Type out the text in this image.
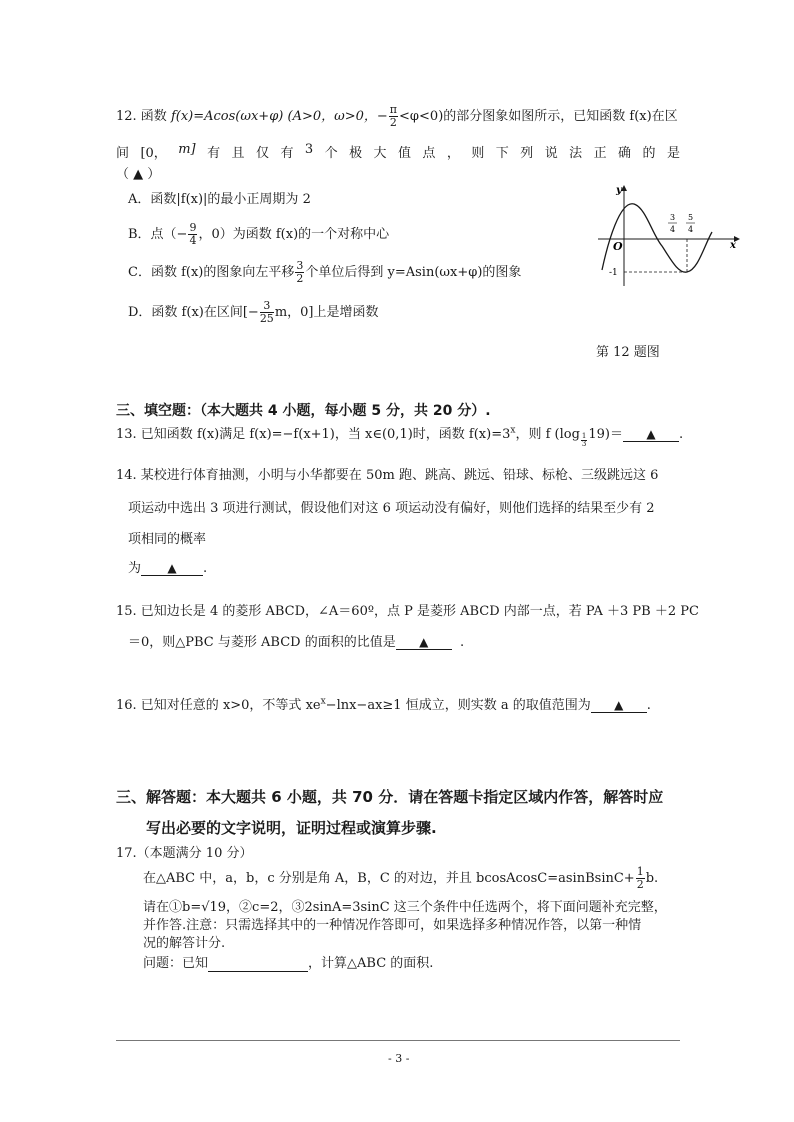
12. 函数 f(x)=Acos(ωx+φ) (A>0，ω>0，− $\frac{\pi}{2} <\varphi<0$)的部分图象如图所示，已知函数 f(x)在区
间 [0， m] 有 且 仅 有 3 个 极 大 值 点 ， 则 下 列 说 法 正 确 的 是
（ ▲ ）
A．函数|f(x)|的最小正周期为 2
B．点（− $\frac{9}{4}$ ，0）为函数 f(x)的一个对称中心
C．函数 f(x)的图象向左平移 $\frac{3}{2}$ 个单位后得到 y=Asin(ωx+φ)的图象
D．函数 f(x)在区间[− $\frac{3}{25}$ m，0]上是增函数
y
x
O
-1
3
4
5
4
第 12 题图
三、填空题：（本大题共 4 小题，每小题 5 分，共 20 分）.
13. 已知函数 f(x)满足 f(x)=−f(x+1)，当 x∈(0,1)时，函数 $f(x)=3^x$，则 f $(\log \frac{1}{3} 19)=$ ▲ .
14. 某校进行体育抽测，小明与小华都要在 50m 跑、跳高、跳远、铅球、标枪、三级跳远这 6
项运动中选出 3 项进行测试，假设他们对这 6 项运动没有偏好，则他们选择的结果至少有 2
项相同的概率
为 ▲ .
15. 已知边长是 4 的菱形 ABCD，∠A＝60º，点 P 是菱形 ABCD 内部一点，若 PA ＋3 PB ＋2 PC
＝0，则△PBC 与菱形 ABCD 的面积的比值是 ▲ .
16. 已知对任意的 x>0，不等式 $xe^x-\ln x-ax\ge 1$ 恒成立，则实数 a 的取值范围为 ▲ .
三、解答题：本大题共 6 小题，共 70 分．请在答题卡指定区域内作答，解答时应
写出必要的文字说明，证明过程或演算步骤.
17.（本题满分 10 分）
在△ABC 中，a，b，c 分别是角 A，B，C 的对边，并且 bcosAcosC=asinBsinC+ $\frac{1}{2} b$.
请在①b=√19，②c=2，③2sinA=3sinC 这三个条件中任选两个，将下面问题补充完整，
并作答.注意：只需选择其中的一种情况作答即可，如果选择多种情况作答，以第一种情
况的解答计分.
问题：已知	，计算△ABC 的面积.
- 3 -
